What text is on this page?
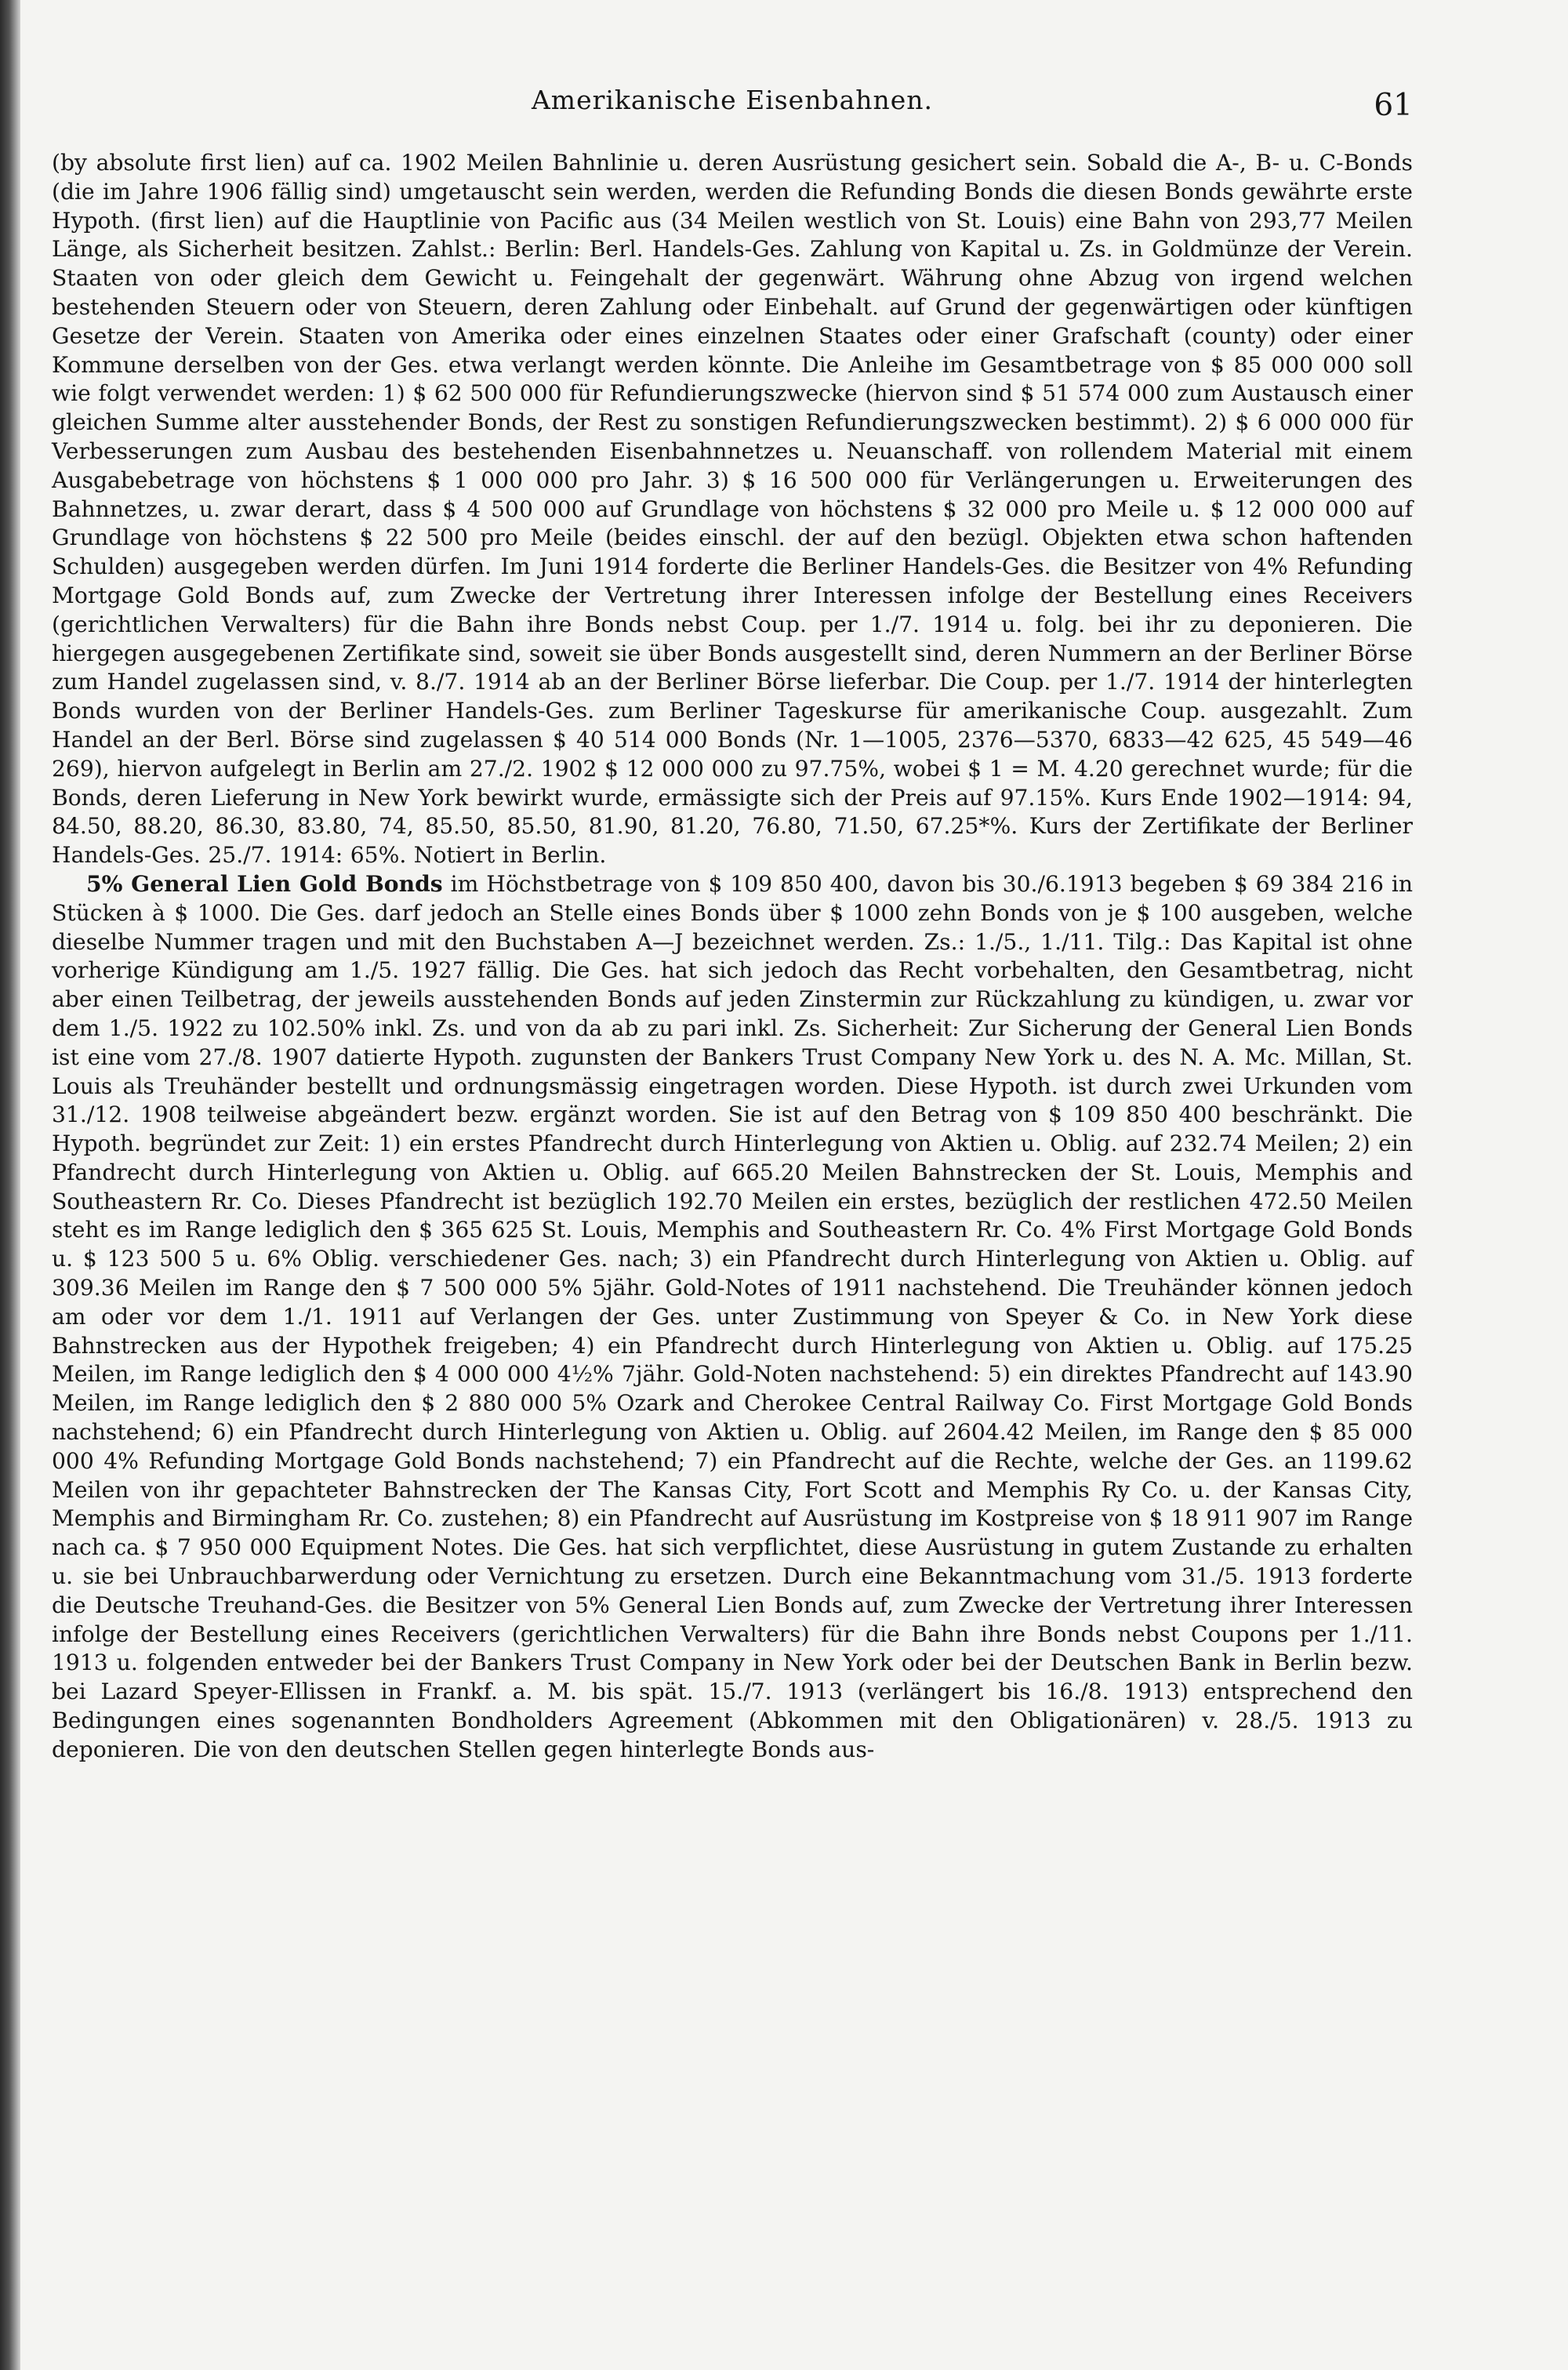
Amerikanische Eisenbahnen.	61
(by absolute first lien) auf ca. 1902 Meilen Bahnlinie u. deren Ausrüstung gesichert sein. Sobald die A-, B- u. C-Bonds (die im Jahre 1906 fällig sind) umgetauscht sein werden, werden die Refunding Bonds die diesen Bonds gewährte erste Hypoth. (first lien) auf die Hauptlinie von Pacific aus (34 Meilen westlich von St. Louis) eine Bahn von 293,77 Meilen Länge, als Sicherheit besitzen. Zahlst.: Berlin: Berl. Handels-Ges. Zahlung von Kapital u. Zs. in Goldmünze der Verein. Staaten von oder gleich dem Gewicht u. Feingehalt der gegenwärt. Währung ohne Abzug von irgend welchen bestehenden Steuern oder von Steuern, deren Zahlung oder Einbehalt. auf Grund der gegenwärtigen oder künftigen Gesetze der Verein. Staaten von Amerika oder eines einzelnen Staates oder einer Grafschaft (county) oder einer Kommune derselben von der Ges. etwa verlangt werden könnte. Die Anleihe im Gesamtbetrage von $ 85 000 000 soll wie folgt verwendet werden: 1) $ 62 500 000 für Refundierungszwecke (hiervon sind $ 51 574 000 zum Austausch einer gleichen Summe alter ausstehender Bonds, der Rest zu sonstigen Refundierungszwecken bestimmt). 2) $ 6 000 000 für Verbesserungen zum Ausbau des bestehenden Eisenbahnnetzes u. Neuanschaff. von rollendem Material mit einem Ausgabebetrage von höchstens $ 1 000 000 pro Jahr. 3) $ 16 500 000 für Verlängerungen u. Erweiterungen des Bahnnetzes, u. zwar derart, dass $ 4 500 000 auf Grundlage von höchstens $ 32 000 pro Meile u. $ 12 000 000 auf Grundlage von höchstens $ 22 500 pro Meile (beides einschl. der auf den bezügl. Objekten etwa schon haftenden Schulden) ausgegeben werden dürfen. Im Juni 1914 forderte die Berliner Handels-Ges. die Besitzer von 4% Refunding Mortgage Gold Bonds auf, zum Zwecke der Vertretung ihrer Interessen infolge der Bestellung eines Receivers (gerichtlichen Verwalters) für die Bahn ihre Bonds nebst Coup. per 1./7. 1914 u. folg. bei ihr zu deponieren. Die hiergegen ausgegebenen Zertifikate sind, soweit sie über Bonds ausgestellt sind, deren Nummern an der Berliner Börse zum Handel zugelassen sind, v. 8./7. 1914 ab an der Berliner Börse lieferbar. Die Coup. per 1./7. 1914 der hinterlegten Bonds wurden von der Berliner Handels-Ges. zum Berliner Tageskurse für amerikanische Coup. ausgezahlt. Zum Handel an der Berl. Börse sind zugelassen $ 40 514 000 Bonds (Nr. 1—1005, 2376—5370, 6833—42 625, 45 549—46 269), hiervon aufgelegt in Berlin am 27./2. 1902 $ 12 000 000 zu 97.75%, wobei $ 1 = M. 4.20 gerechnet wurde; für die Bonds, deren Lieferung in New York bewirkt wurde, ermässigte sich der Preis auf 97.15%. Kurs Ende 1902—1914: 94, 84.50, 88.20, 86.30, 83.80, 74, 85.50, 85.50, 81.90, 81.20, 76.80, 71.50, 67.25*%. Kurs der Zertifikate der Berliner Handels-Ges. 25./7. 1914: 65%. Notiert in Berlin.
5% General Lien Gold Bonds im Höchstbetrage von $ 109 850 400, davon bis 30./6.1913 begeben $ 69 384 216 in Stücken à $ 1000. Die Ges. darf jedoch an Stelle eines Bonds über $ 1000 zehn Bonds von je $ 100 ausgeben, welche dieselbe Nummer tragen und mit den Buchstaben A—J bezeichnet werden. Zs.: 1./5., 1./11. Tilg.: Das Kapital ist ohne vorherige Kündigung am 1./5. 1927 fällig. Die Ges. hat sich jedoch das Recht vorbehalten, den Gesamtbetrag, nicht aber einen Teilbetrag, der jeweils ausstehenden Bonds auf jeden Zinstermin zur Rückzahlung zu kündigen, u. zwar vor dem 1./5. 1922 zu 102.50% inkl. Zs. und von da ab zu pari inkl. Zs. Sicherheit: Zur Sicherung der General Lien Bonds ist eine vom 27./8. 1907 datierte Hypoth. zugunsten der Bankers Trust Company New York u. des N. A. Mc. Millan, St. Louis als Treuhänder bestellt und ordnungsmässig eingetragen worden. Diese Hypoth. ist durch zwei Urkunden vom 31./12. 1908 teilweise abgeändert bezw. ergänzt worden. Sie ist auf den Betrag von $ 109 850 400 beschränkt. Die Hypoth. begründet zur Zeit: 1) ein erstes Pfandrecht durch Hinterlegung von Aktien u. Oblig. auf 232.74 Meilen; 2) ein Pfandrecht durch Hinterlegung von Aktien u. Oblig. auf 665.20 Meilen Bahnstrecken der St. Louis, Memphis and Southeastern Rr. Co. Dieses Pfandrecht ist bezüglich 192.70 Meilen ein erstes, bezüglich der restlichen 472.50 Meilen steht es im Range lediglich den $ 365 625 St. Louis, Memphis and Southeastern Rr. Co. 4% First Mortgage Gold Bonds u. $ 123 500 5 u. 6% Oblig. verschiedener Ges. nach; 3) ein Pfandrecht durch Hinterlegung von Aktien u. Oblig. auf 309.36 Meilen im Range den $ 7 500 000 5% 5jähr. Gold-Notes of 1911 nachstehend. Die Treuhänder können jedoch am oder vor dem 1./1. 1911 auf Verlangen der Ges. unter Zustimmung von Speyer & Co. in New York diese Bahnstrecken aus der Hypothek freigeben; 4) ein Pfandrecht durch Hinterlegung von Aktien u. Oblig. auf 175.25 Meilen, im Range lediglich den $ 4 000 000 4½% 7jähr. Gold-Noten nachstehend: 5) ein direktes Pfandrecht auf 143.90 Meilen, im Range lediglich den $ 2 880 000 5% Ozark and Cherokee Central Railway Co. First Mortgage Gold Bonds nachstehend; 6) ein Pfandrecht durch Hinterlegung von Aktien u. Oblig. auf 2604.42 Meilen, im Range den $ 85 000 000 4% Refunding Mortgage Gold Bonds nachstehend; 7) ein Pfandrecht auf die Rechte, welche der Ges. an 1199.62 Meilen von ihr gepachteter Bahnstrecken der The Kansas City, Fort Scott and Memphis Ry Co. u. der Kansas City, Memphis and Birmingham Rr. Co. zustehen; 8) ein Pfandrecht auf Ausrüstung im Kostpreise von $ 18 911 907 im Range nach ca. $ 7 950 000 Equipment Notes. Die Ges. hat sich verpflichtet, diese Ausrüstung in gutem Zustande zu erhalten u. sie bei Unbrauchbarwerdung oder Vernichtung zu ersetzen. Durch eine Bekanntmachung vom 31./5. 1913 forderte die Deutsche Treuhand-Ges. die Besitzer von 5% General Lien Bonds auf, zum Zwecke der Vertretung ihrer Interessen infolge der Bestellung eines Receivers (gerichtlichen Verwalters) für die Bahn ihre Bonds nebst Coupons per 1./11. 1913 u. folgenden entweder bei der Bankers Trust Company in New York oder bei der Deutschen Bank in Berlin bezw. bei Lazard Speyer-Ellissen in Frankf. a. M. bis spät. 15./7. 1913 (verlängert bis 16./8. 1913) entsprechend den Bedingungen eines sogenannten Bondholders Agreement (Abkommen mit den Obligationären) v. 28./5. 1913 zu deponieren. Die von den deutschen Stellen gegen hinterlegte Bonds aus-
